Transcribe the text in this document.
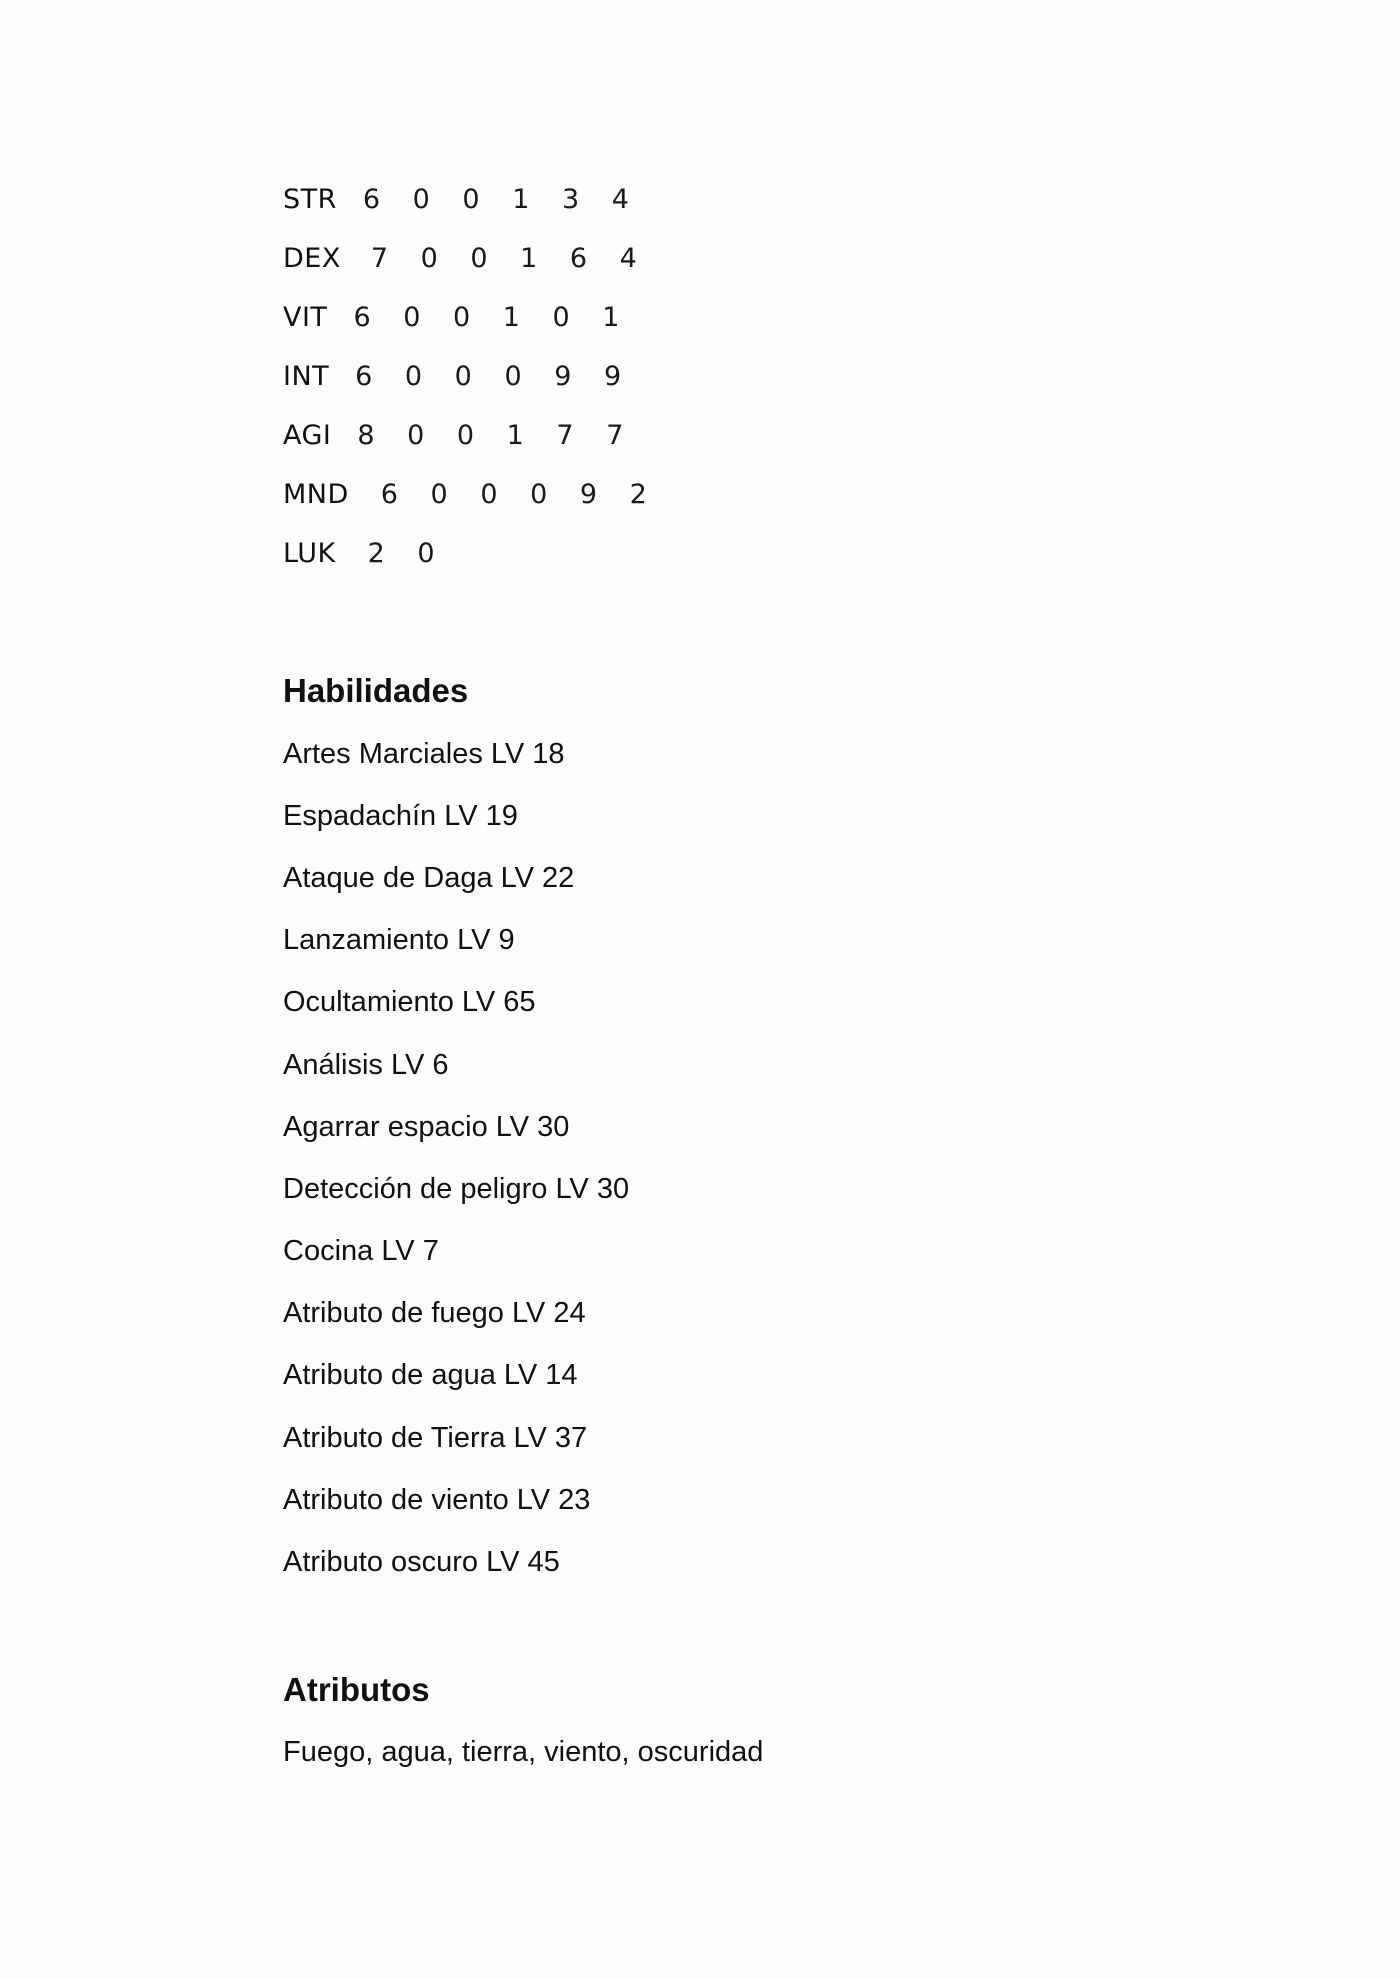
STR 6 0 0 1 3 4
DEX 7 0 0 1 6 4
VIT 6 0 0 1 0 1
INT 6 0 0 0 9 9
AGI 8 0 0 1 7 7
MND 6 0 0 0 9 2
LUK 2 0
Habilidades
Artes Marciales LV 18
Espadachín LV 19
Ataque de Daga LV 22
Lanzamiento LV 9
Ocultamiento LV 65
Análisis LV 6
Agarrar espacio LV 30
Detección de peligro LV 30
Cocina LV 7
Atributo de fuego LV 24
Atributo de agua LV 14
Atributo de Tierra LV 37
Atributo de viento LV 23
Atributo oscuro LV 45
Atributos

Fuego, agua, tierra, viento, oscuridad
